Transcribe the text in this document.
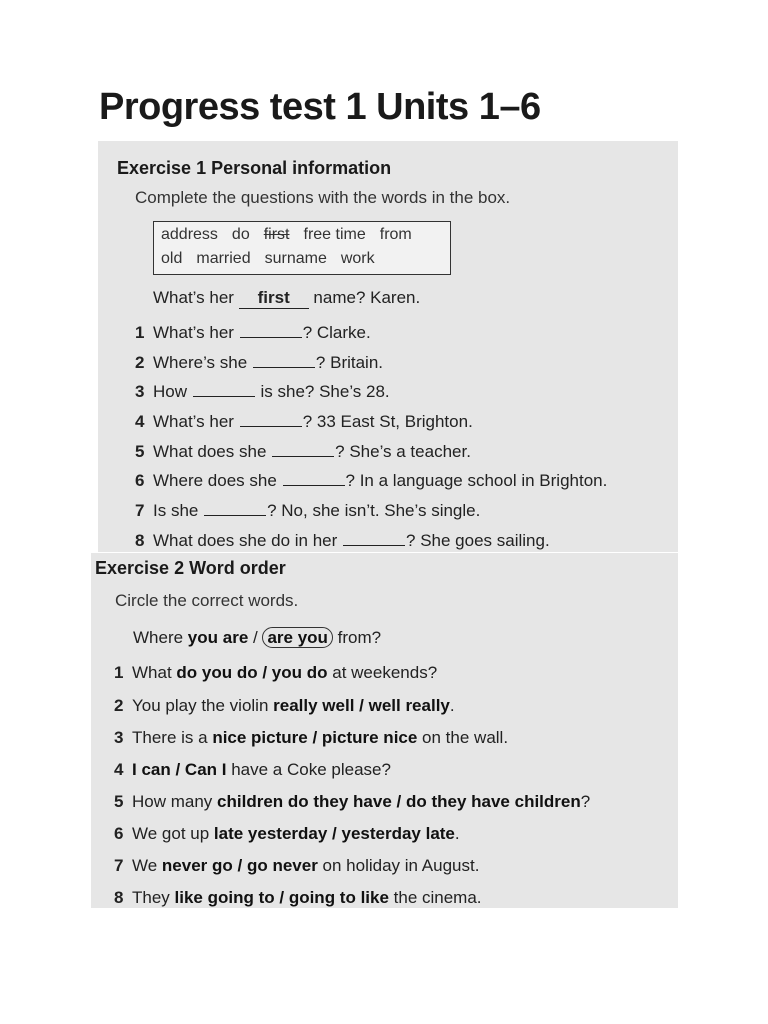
Progress test 1 Units 1–6
Exercise 1 Personal information
Complete the questions with the words in the box.
address do first free time from
old married surname work
What’s her first name? Karen.
1 What’s her	? Clarke.
2 Where’s she	? Britain.
3 How	is she? She’s 28.
4 What’s her	? 33 East St, Brighton.
5 What does she	? She’s a teacher.
6 Where does she	? In a language school in Brighton.
7 Is she	? No, she isn’t. She’s single.
8 What does she do in her	? She goes sailing.
Exercise 2 Word order
Circle the correct words.
Where you are / are you from?
1 What do you do / you do at weekends?
2 You play the violin really well / well really.
3 There is a nice picture / picture nice on the wall.
4 I can / Can I have a Coke please?
5 How many children do they have / do they have children?
6 We got up late yesterday / yesterday late.
7 We never go / go never on holiday in August.
8 They like going to / going to like the cinema.
